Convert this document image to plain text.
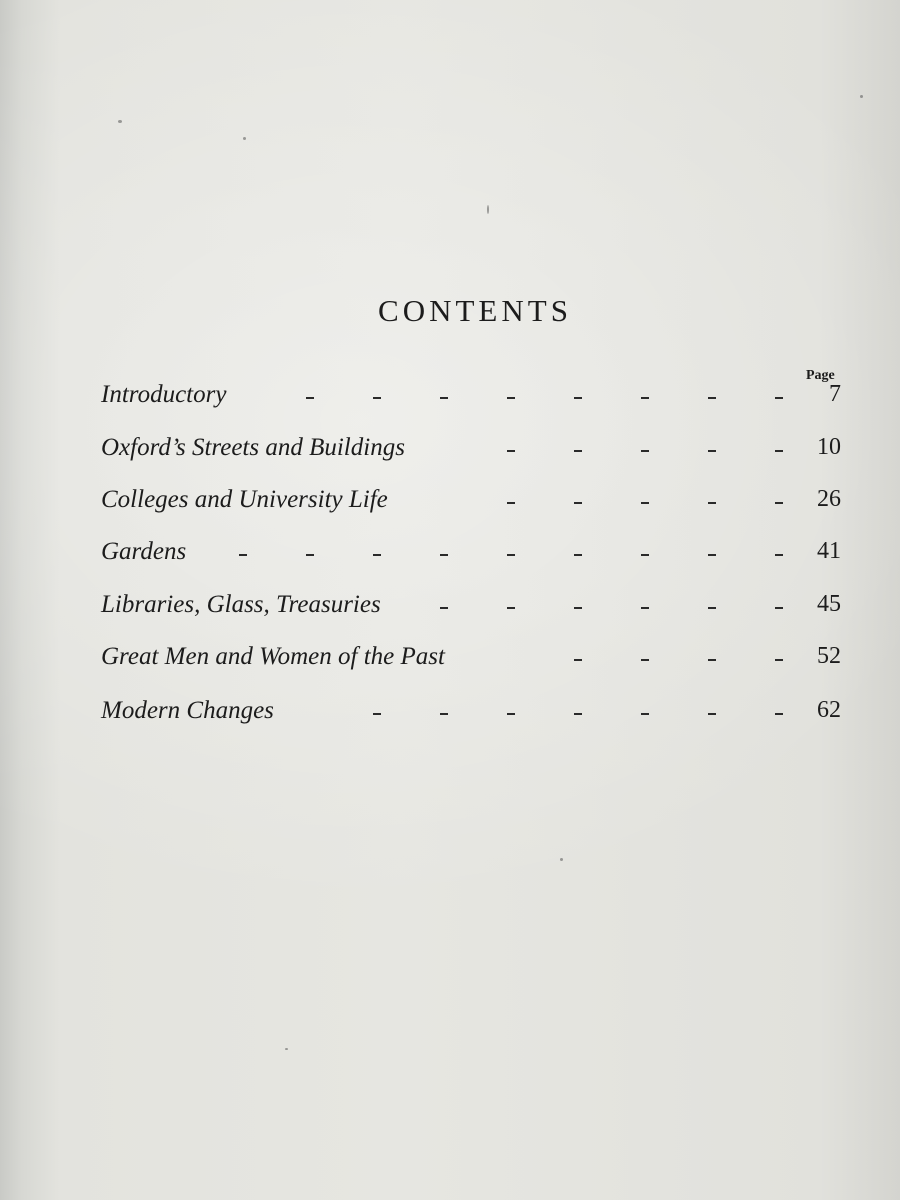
CONTENTS
Page
Introductory	7
Oxford’s Streets and Buildings	10
Colleges and University Life	26
Gardens	41
Libraries, Glass, Treasuries	45
Great Men and Women of the Past	52
Modern Changes	62
